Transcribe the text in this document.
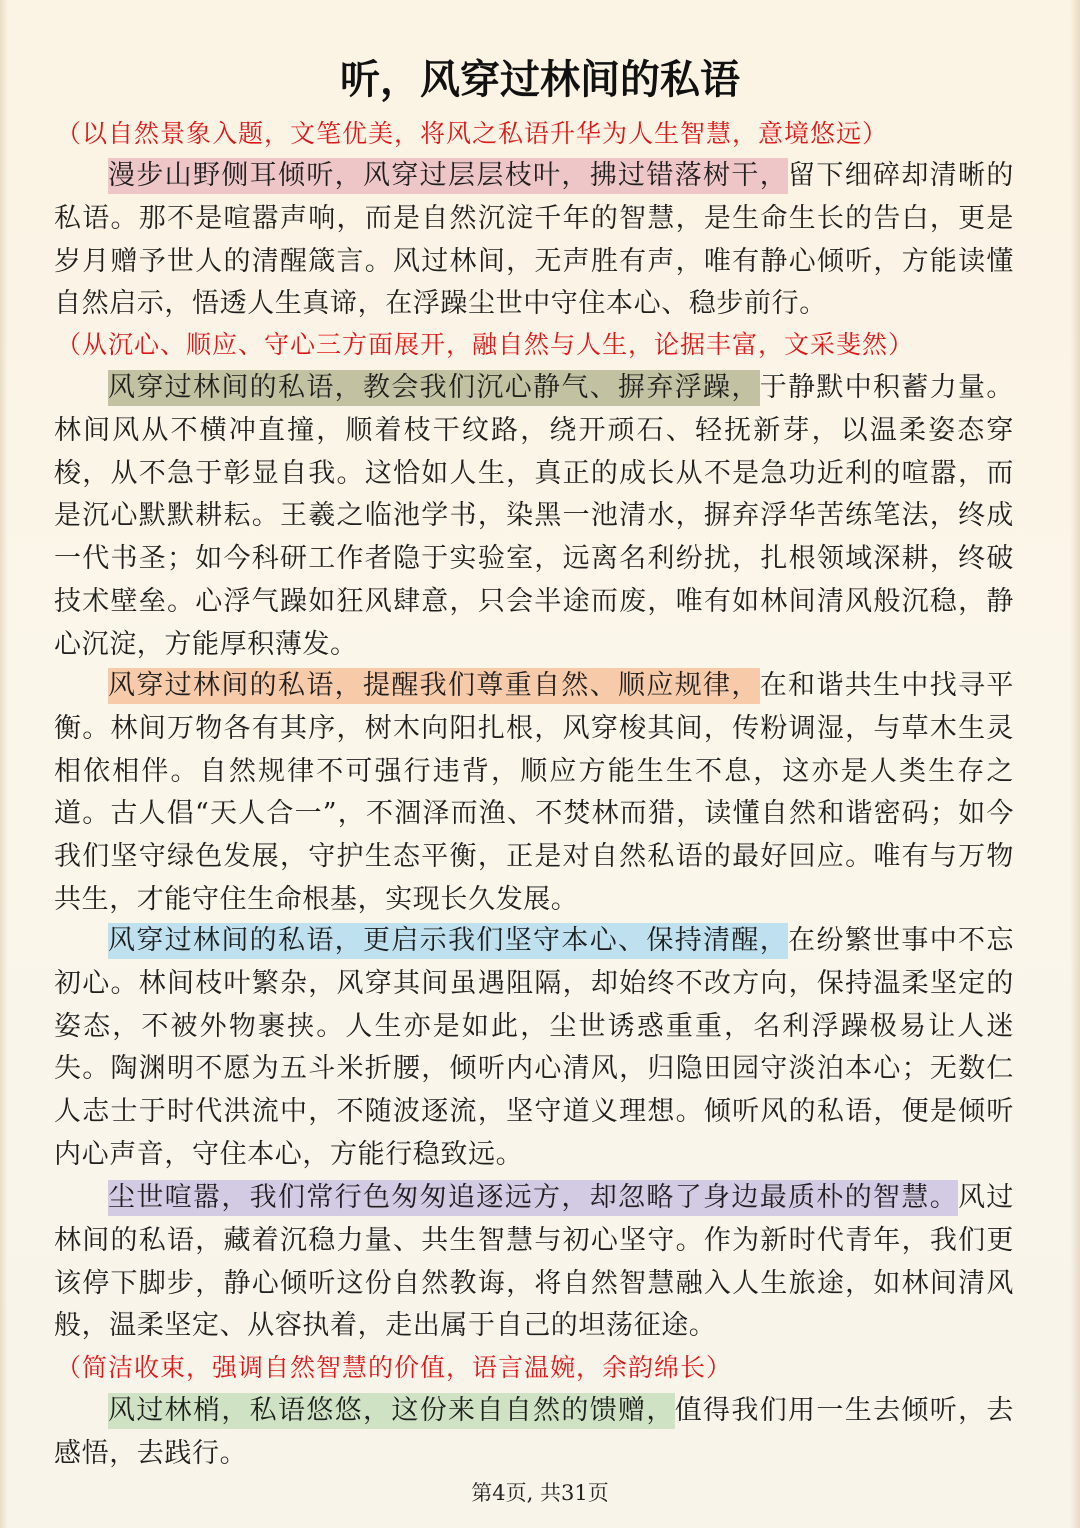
听，风穿过林间的私语
（以自然景象入题，文笔优美，将风之私语升华为人生智慧，意境悠远）

漫步山野侧耳倾听，风穿过层层枝叶，拂过错落树干，留下细碎却清晰的私语。那不是喧嚣声响，而是自然沉淀千年的智慧，是生命生长的告白，更是岁月赠予世人的清醒箴言。风过林间，无声胜有声，唯有静心倾听，方能读懂自然启示，悟透人生真谛，在浮躁尘世中守住本心、稳步前行。

（从沉心、顺应、守心三方面展开，融自然与人生，论据丰富，文采斐然）

风穿过林间的私语，教会我们沉心静气、摒弃浮躁，于静默中积蓄力量。林间风从不横冲直撞，顺着枝干纹路，绕开顽石、轻抚新芽，以温柔姿态穿梭，从不急于彰显自我。这恰如人生，真正的成长从不是急功近利的喧嚣，而是沉心默默耕耘。王羲之临池学书，染黑一池清水，摒弃浮华苦练笔法，终成一代书圣；如今科研工作者隐于实验室，远离名利纷扰，扎根领域深耕，终破技术壁垒。心浮气躁如狂风肆意，只会半途而废，唯有如林间清风般沉稳，静心沉淀，方能厚积薄发。

风穿过林间的私语，提醒我们尊重自然、顺应规律，在和谐共生中找寻平衡。林间万物各有其序，树木向阳扎根，风穿梭其间，传粉调湿，与草木生灵相依相伴。自然规律不可强行违背，顺应方能生生不息，这亦是人类生存之道。古人倡“天人合一”，不涸泽而渔、不焚林而猎，读懂自然和谐密码；如今我们坚守绿色发展，守护生态平衡，正是对自然私语的最好回应。唯有与万物共生，才能守住生命根基，实现长久发展。

风穿过林间的私语，更启示我们坚守本心、保持清醒，在纷繁世事中不忘初心。林间枝叶繁杂，风穿其间虽遇阻隔，却始终不改方向，保持温柔坚定的姿态，不被外物裹挟。人生亦是如此，尘世诱惑重重，名利浮躁极易让人迷失。陶渊明不愿为五斗米折腰，倾听内心清风，归隐田园守淡泊本心；无数仁人志士于时代洪流中，不随波逐流，坚守道义理想。倾听风的私语，便是倾听内心声音，守住本心，方能行稳致远。

尘世喧嚣，我们常行色匆匆追逐远方，却忽略了身边最质朴的智慧。风过林间的私语，藏着沉稳力量、共生智慧与初心坚守。作为新时代青年，我们更该停下脚步，静心倾听这份自然教诲，将自然智慧融入人生旅途，如林间清风般，温柔坚定、从容执着，走出属于自己的坦荡征途。

（简洁收束，强调自然智慧的价值，语言温婉，余韵绵长）

风过林梢，私语悠悠，这份来自自然的馈赠，值得我们用一生去倾听，去感悟，去践行。

第4页, 共31页
